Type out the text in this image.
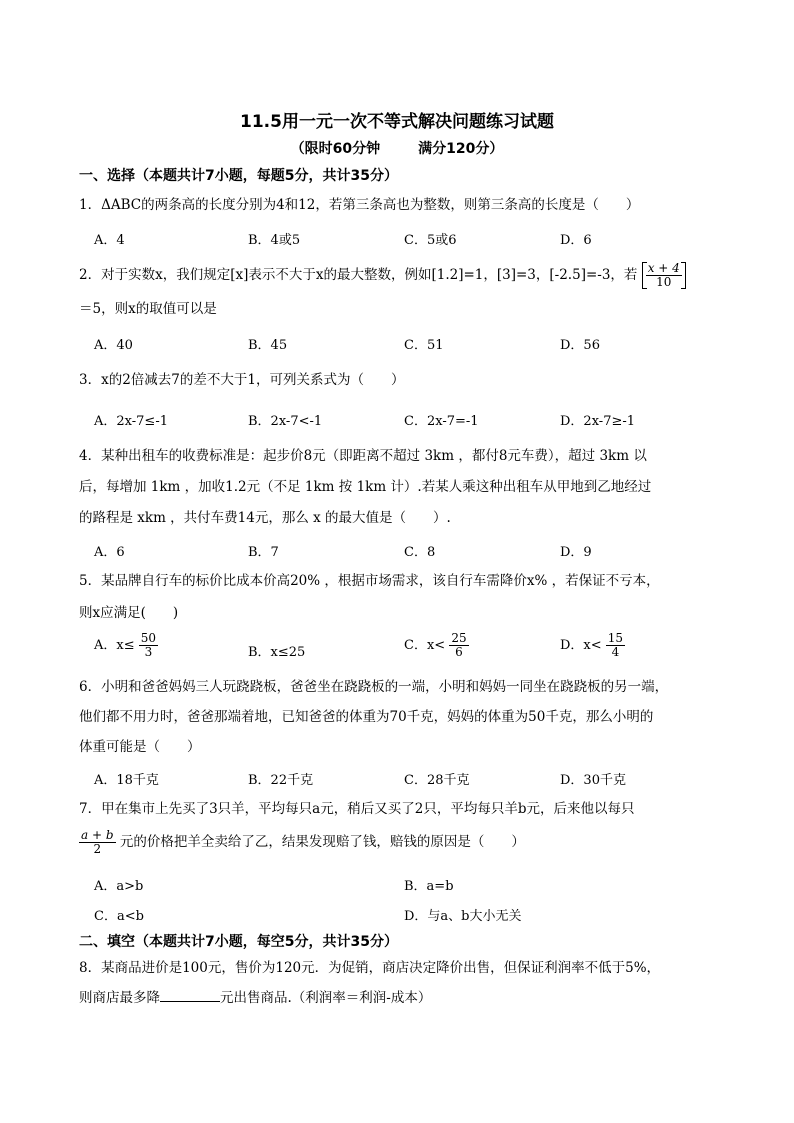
11.5用一元一次不等式解决问题练习试题
（限时60分钟	满分120分）
一、选择（本题共计7小题，每题5分，共计35分）
1．ΔABC的两条高的长度分别为4和12，若第三条高也为整数，则第三条高的长度是（　　）
A．4	B．4或5	C．5或6	D．6
2．对于实数x，我们规定[x]表示不大于x的最大整数，例如[1.2]=1，[3]=3，[-2.5]=-3，若 $\frac{x + 4}{10}$
＝5，则x的取值可以是
A．40	B．45	C．51	D．56
3．x的2倍减去7的差不大于1，可列关系式为（　　）
A．2x-7≤-1	B．2x-7<-1	C．2x-7=-1	D．2x-7≥-1
4．某种出租车的收费标准是：起步价8元（即距离不超过 3km ，都付8元车费），超过 3km 以
后，每增加 1km ，加收1.2元（不足 1km 按 1km 计）.若某人乘这种出租车从甲地到乙地经过
的路程是 xkm ，共付车费14元，那么 x 的最大值是（　　）.
A．6	B．7	C．8	D．9
5．某品牌自行车的标价比成本价高20% ，根据市场需求，该自行车需降价x% ，若保证不亏本，
则x应满足(　　)
A．$x\le \frac{50}{3}$	B．x≤25	C．$x< \frac{25}{6}$	D．$x< \frac{15}{4}$
6．小明和爸爸妈妈三人玩跷跷板，爸爸坐在跷跷板的一端，小明和妈妈一同坐在跷跷板的另一端，
他们都不用力时，爸爸那端着地，已知爸爸的体重为70千克，妈妈的体重为50千克，那么小明的
体重可能是（　　）
A．18千克	B．22千克	C．28千克	D．30千克
7．甲在集市上先买了3只羊，平均每只a元，稍后又买了2只，平均每只羊b元，后来他以每只
$\frac{a + b}{2}$ 元的价格把羊全卖给了乙，结果发现赔了钱，赔钱的原因是（　　）
A．a>b	B．a=b
C．a<b	D．与a、b大小无关
二、填空（本题共计7小题，每空5分，共计35分）
8．某商品进价是100元，售价为120元．为促销，商店决定降价出售，但保证利润率不低于5%，
则商店最多降	元出售商品.（利润率＝利润-成本）
